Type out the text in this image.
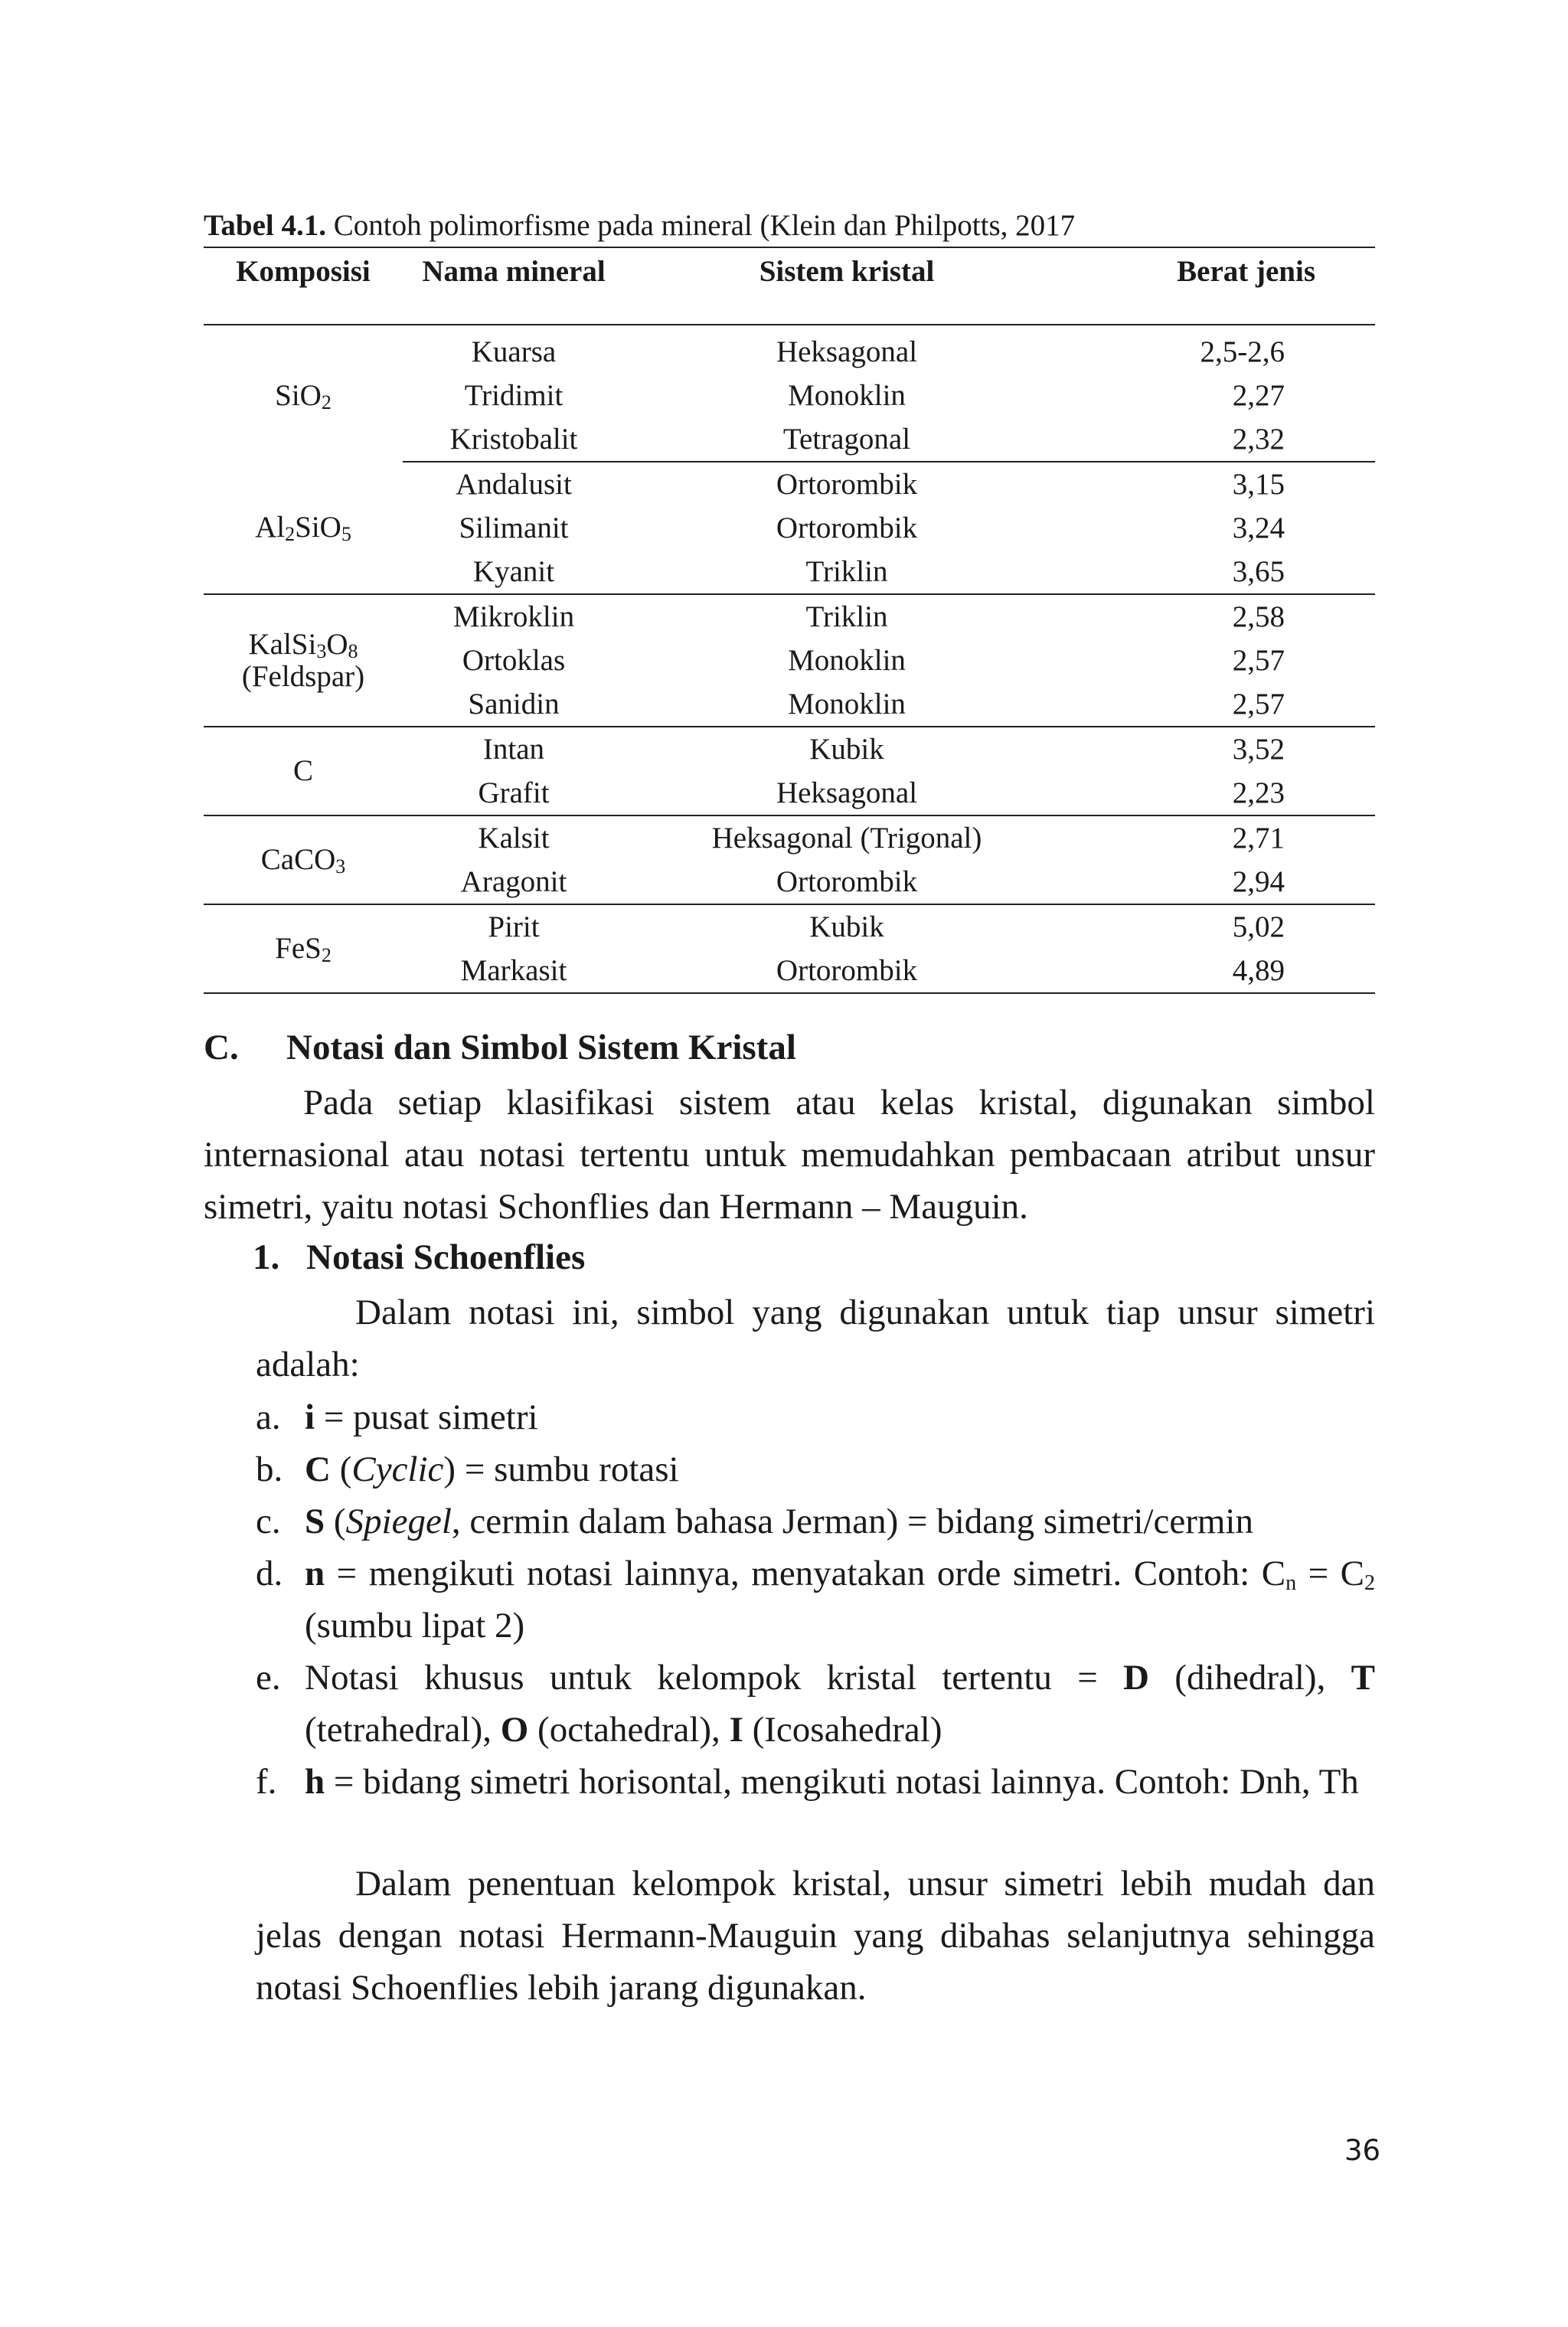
Tabel 4.1. Contoh polimorfisme pada mineral (Klein dan Philpotts, 2017
Komposisi	Nama mineral	Sistem kristal	Berat jenis
SiO$_2$	Kuarsa	Heksagonal	2,5-2,6
	Tridimit	Monoklin	2,27
	Kristobalit	Tetragonal	2,32
$Al_2SiO_5$	Andalusit	Ortorombik	3,15
	Silimanit	Ortorombik	3,24
	Kyanit	Triklin	3,65

$KalSi_3O_8$
(Feldspar)	Mikroklin	Triklin	2,58
	Ortoklas	Monoklin	2,57
	Sanidin	Monoklin	2,57
C	Intan	Kubik	3,52
	Grafit	Heksagonal	2,23
CaCO$_3$	Kalsit	Heksagonal (Trigonal)	2,71
	Aragonit	Ortorombik	2,94
FeS$_2$	Pirit	Kubik	5,02
	Markasit	Ortorombik	4,89
C. Notasi dan Simbol Sistem Kristal
Pada setiap klasifikasi sistem atau kelas kristal, digunakan simbol internasional atau notasi tertentu untuk memudahkan pembacaan atribut unsur simetri, yaitu notasi Schonflies dan Hermann – Mauguin.
1. Notasi Schoenflies
Dalam notasi ini, simbol yang digunakan untuk tiap unsur simetri adalah:
a. i = pusat simetri
b. C (Cyclic) = sumbu rotasi
c. S (Spiegel, cermin dalam bahasa Jerman) = bidang simetri/cermin
d. n = mengikuti notasi lainnya, menyatakan orde simetri. Contoh: $C_n = C_2$ (sumbu lipat 2)
e. Notasi khusus untuk kelompok kristal tertentu = D (dihedral), T (tetrahedral), O (octahedral), I (Icosahedral)
f. h = bidang simetri horisontal, mengikuti notasi lainnya. Contoh: Dnh, Th
Dalam penentuan kelompok kristal, unsur simetri lebih mudah dan jelas dengan notasi Hermann-Mauguin yang dibahas selanjutnya sehingga notasi Schoenflies lebih jarang digunakan.
36
